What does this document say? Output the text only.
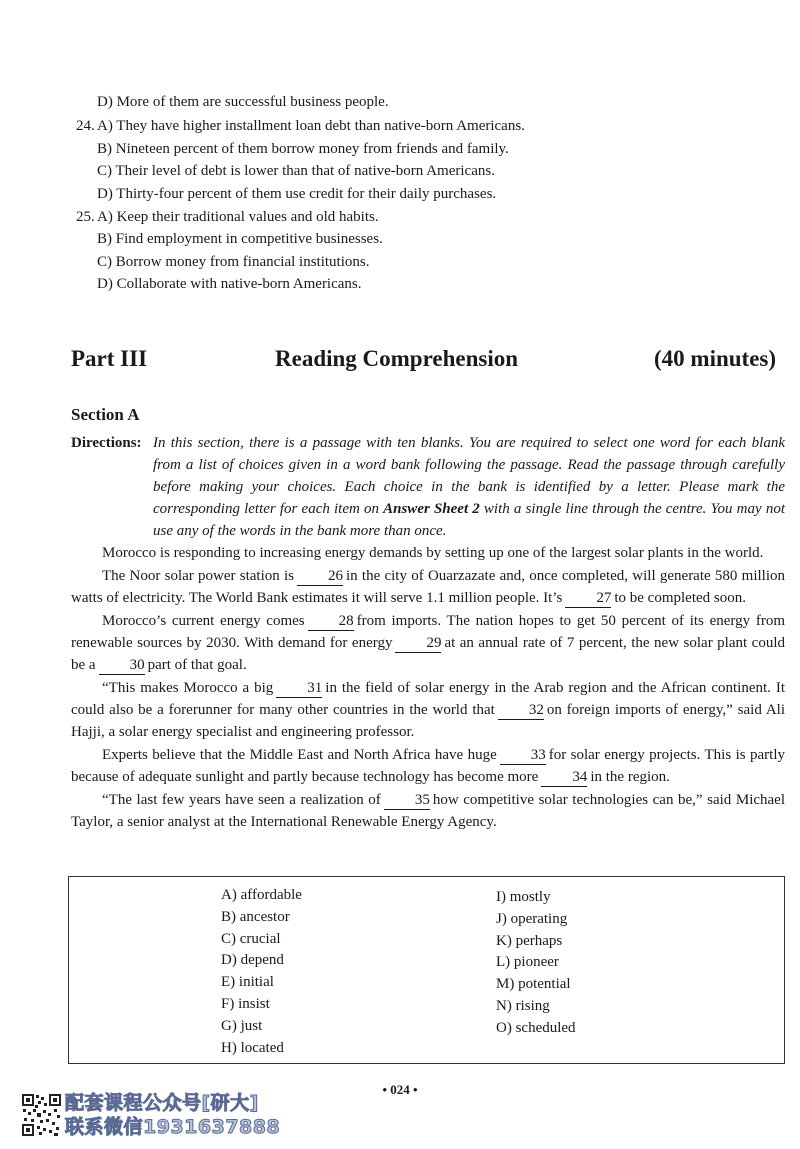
D) More of them are successful business people.
24. A) They have higher installment loan debt than native-born Americans.
B) Nineteen percent of them borrow money from friends and family.
C) Their level of debt is lower than that of native-born Americans.
D) Thirty-four percent of them use credit for their daily purchases.
25. A) Keep their traditional values and old habits.
B) Find employment in competitive businesses.
C) Borrow money from financial institutions.
D) Collaborate with native-born Americans.
Part III	Reading Comprehension	(40 minutes)
Section A
Directions: In this section, there is a passage with ten blanks. You are required to select one word for each blank from a list of choices given in a word bank following the passage. Read the passage through carefully before making your choices. Each choice in the bank is identified by a letter. Please mark the corresponding letter for each item on Answer Sheet 2 with a single line through the centre. You may not use any of the words in the bank more than once.

Morocco is responding to increasing energy demands by setting up one of the largest solar plants in the world.

The Noor solar power station is 26 in the city of Ouarzazate and, once completed, will generate 580 million watts of electricity. The World Bank estimates it will serve 1.1 million people. It’s 27 to be completed soon.

Morocco’s current energy comes 28 from imports. The nation hopes to get 50 percent of its energy from renewable sources by 2030. With demand for energy 29 at an annual rate of 7 percent, the new solar plant could be a 30 part of that goal.

“This makes Morocco a big 31 in the field of solar energy in the Arab region and the African continent. It could also be a forerunner for many other countries in the world that 32 on foreign imports of energy,” said Ali Hajji, a solar energy specialist and engineering professor.

Experts believe that the Middle East and North Africa have huge 33 for solar energy projects. This is partly because of adequate sunlight and partly because technology has become more 34 in the region.

“The last few years have seen a realization of 35 how competitive solar technologies can be,” said Michael Taylor, a senior analyst at the International Renewable Energy Agency.

A) affordable
B) ancestor
C) crucial
D) depend
E) initial
F) insist
G) just
H) located
I) mostly
J) operating
K) perhaps
L) pioneer
M) potential
N) rising
O) scheduled
• 024 •
配套课程公众号[研大]
联系微信1931637888
